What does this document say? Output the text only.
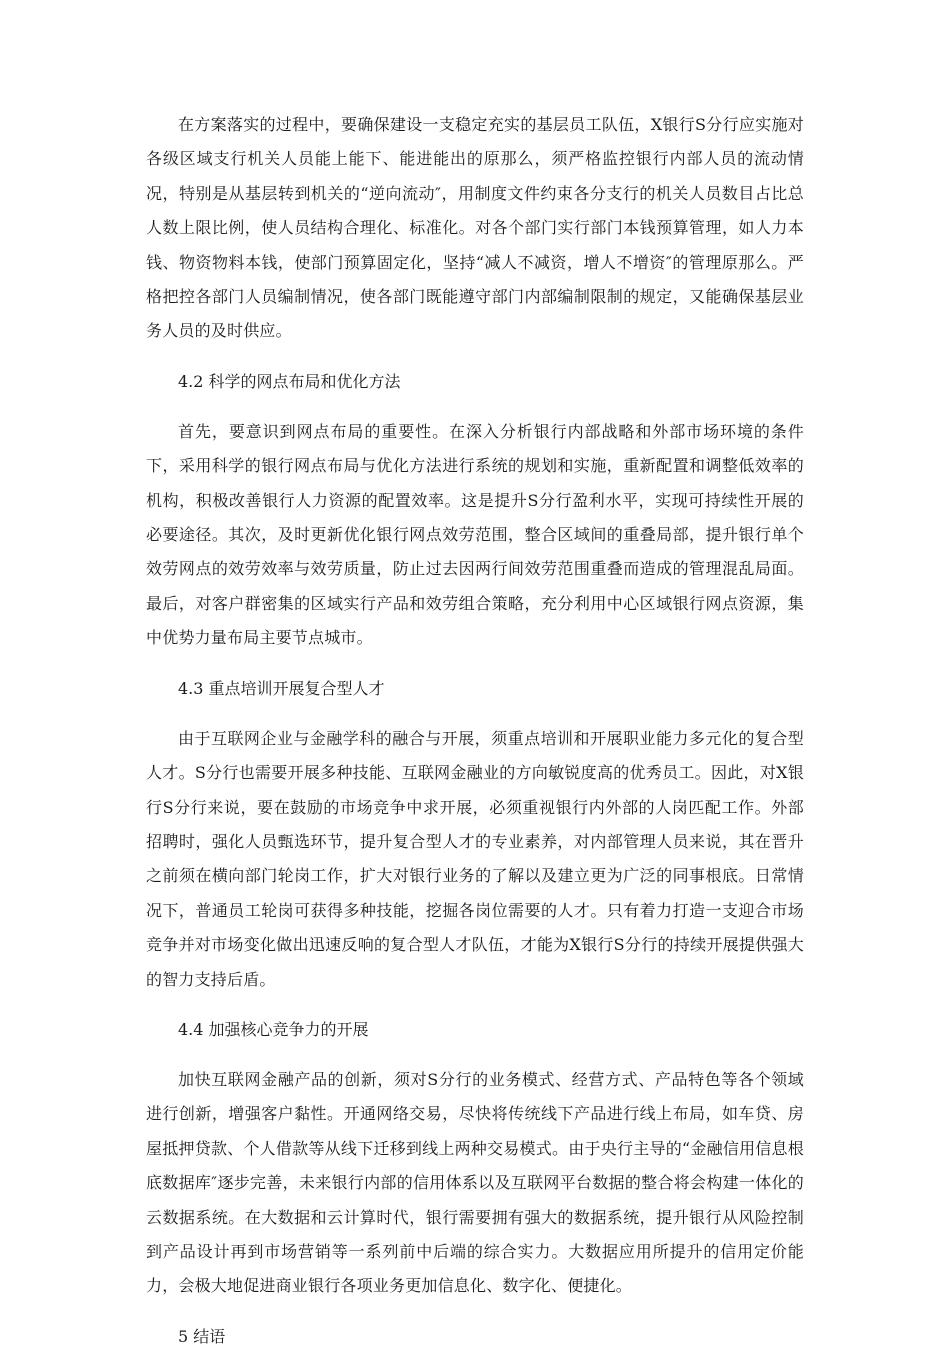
在方案落实的过程中，要确保建设一支稳定充实的基层员工队伍，X银行S分行应实施对各级区域支行机关人员能上能下、能进能出的原那么，须严格监控银行内部人员的流动情况，特别是从基层转到机关的“逆向流动″，用制度文件约束各分支行的机关人员数目占比总人数上限比例，使人员结构合理化、标准化。对各个部门实行部门本钱预算管理，如人力本钱、物资物料本钱，使部门预算固定化，坚持“减人不减资，增人不增资″的管理原那么。严格把控各部门人员编制情况，使各部门既能遵守部门内部编制限制的规定，又能确保基层业务人员的及时供应。

4.2 科学的网点布局和优化方法

首先，要意识到网点布局的重要性。在深入分析银行内部战略和外部市场环境的条件下，采用科学的银行网点布局与优化方法进行系统的规划和实施，重新配置和调整低效率的机构，积极改善银行人力资源的配置效率。这是提升S分行盈利水平，实现可持续性开展的必要途径。其次，及时更新优化银行网点效劳范围，整合区域间的重叠局部，提升银行单个效劳网点的效劳效率与效劳质量，防止过去因两行间效劳范围重叠而造成的管理混乱局面。最后，对客户群密集的区域实行产品和效劳组合策略，充分利用中心区域银行网点资源，集中优势力量布局主要节点城市。

4.3 重点培训开展复合型人才

由于互联网企业与金融学科的融合与开展，须重点培训和开展职业能力多元化的复合型人才。S分行也需要开展多种技能、互联网金融业的方向敏锐度高的优秀员工。因此，对X银行S分行来说，要在鼓励的市场竞争中求开展，必须重视银行内外部的人岗匹配工作。外部招聘时，强化人员甄选环节，提升复合型人才的专业素养，对内部管理人员来说，其在晋升之前须在横向部门轮岗工作，扩大对银行业务的了解以及建立更为广泛的同事根底。日常情况下，普通员工轮岗可获得多种技能，挖掘各岗位需要的人才。只有着力打造一支迎合市场竞争并对市场变化做出迅速反响的复合型人才队伍，才能为X银行S分行的持续开展提供强大的智力支持后盾。

4.4 加强核心竞争力的开展

加快互联网金融产品的创新，须对S分行的业务模式、经营方式、产品特色等各个领域进行创新，增强客户黏性。开通网络交易，尽快将传统线下产品进行线上布局，如车贷、房屋抵押贷款、个人借款等从线下迁移到线上两种交易模式。由于央行主导的“金融信用信息根底数据库″逐步完善，未来银行内部的信用体系以及互联网平台数据的整合将会构建一体化的云数据系统。在大数据和云计算时代，银行需要拥有强大的数据系统，提升银行从风险控制到产品设计再到市场营销等一系列前中后端的综合实力。大数据应用所提升的信用定价能力，会极大地促进商业银行各项业务更加信息化、数字化、便捷化。

5 结语
